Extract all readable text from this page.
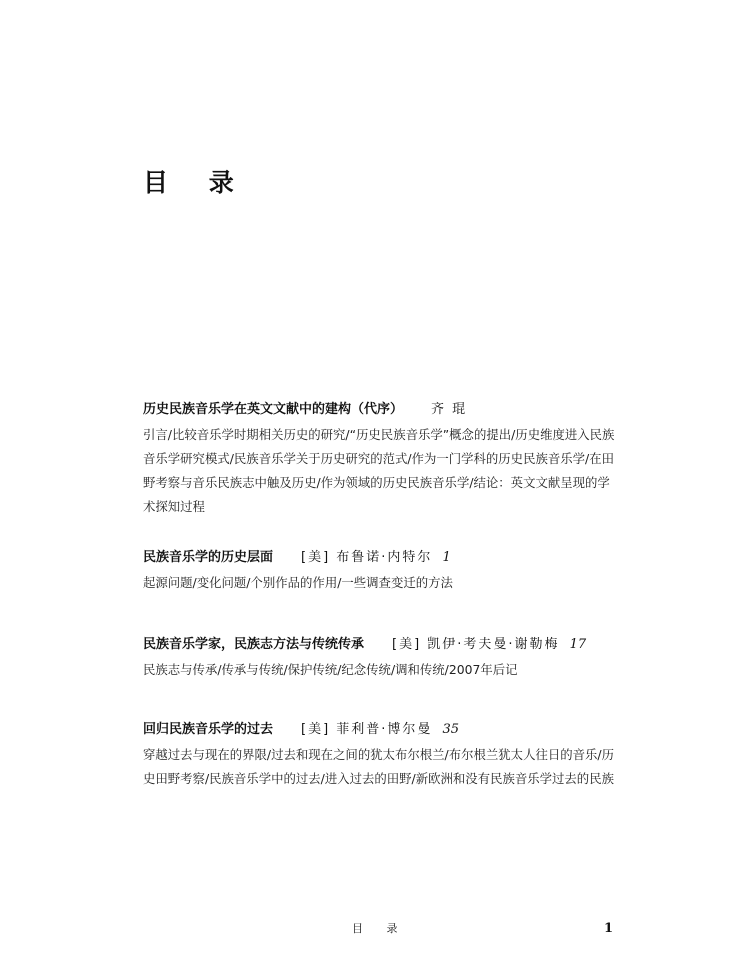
目 录
历史民族音乐学在英文文献中的建构（代序） 齐 琨
引言/比较音乐学时期相关历史的研究/“历史民族音乐学”概念的提出/历史维度进入民族音乐学研究模式/民族音乐学关于历史研究的范式/作为一门学科的历史民族音乐学/在田野考察与音乐民族志中触及历史/作为领域的历史民族音乐学/结论：英文文献呈现的学术探知过程
民族音乐学的历史层面 [美] 布鲁诺·内特尔 1
起源问题/变化问题/个别作品的作用/一些调查变迁的方法
民族音乐学家，民族志方法与传统传承 [美] 凯伊·考夫曼·谢勒梅 17
民族志与传承/传承与传统/保护传统/纪念传统/调和传统/2007年后记
回归民族音乐学的过去 [美] 菲利普·博尔曼 35
穿越过去与现在的界限/过去和现在之间的犹太布尔根兰/布尔根兰犹太人往日的音乐/历史田野考察/民族音乐学中的过去/进入过去的田野/新欧洲和没有民族音乐学过去的民族
目 录	1
